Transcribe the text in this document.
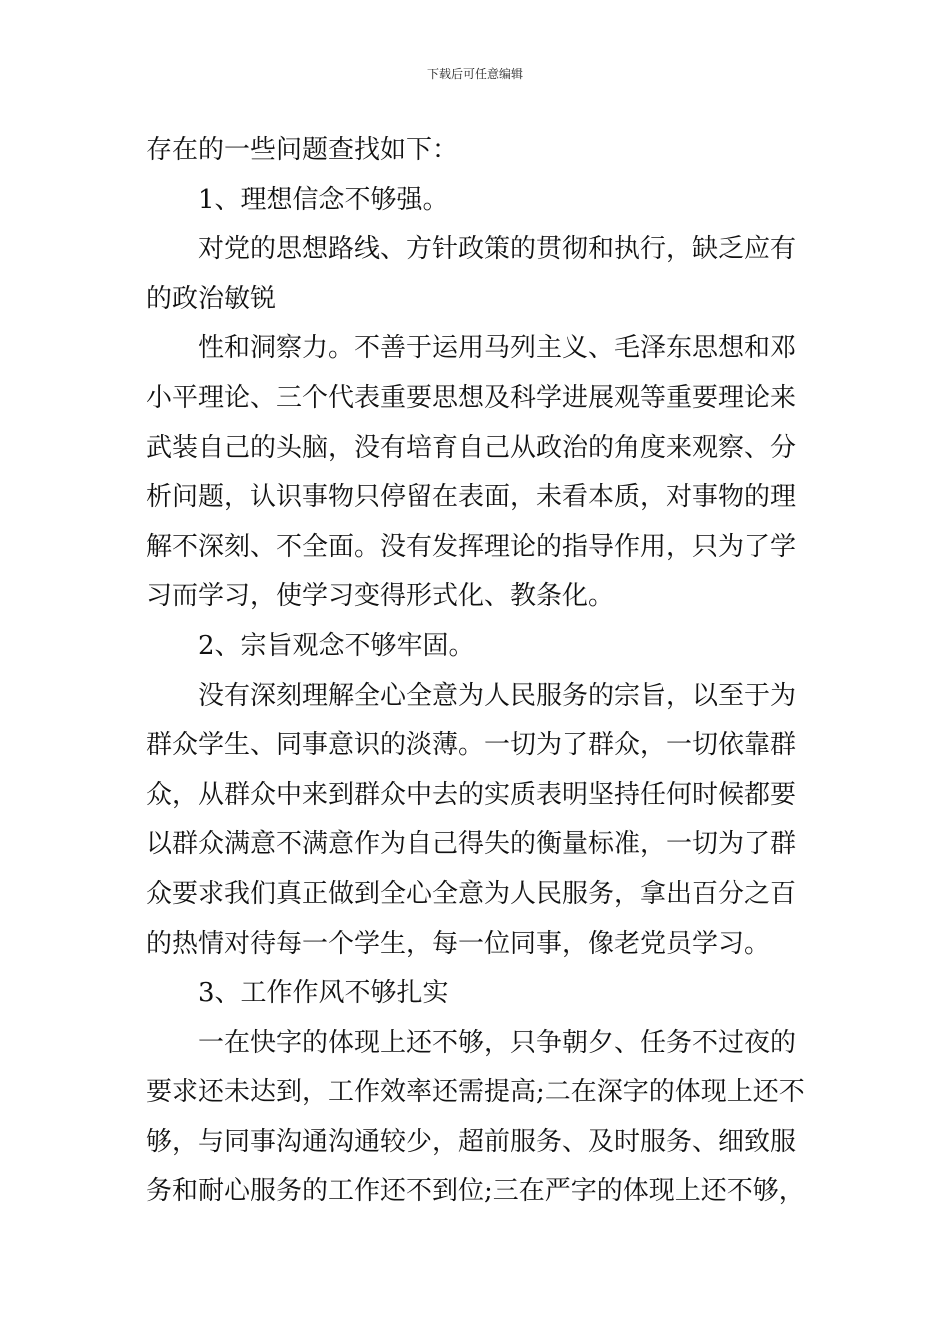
下载后可任意编辑
存在的一些问题查找如下：
1、理想信念不够强。
对党的思想路线、方针政策的贯彻和执行，缺乏应有
的政治敏锐
性和洞察力。不善于运用马列主义、毛泽东思想和邓
小平理论、三个代表重要思想及科学进展观等重要理论来
武装自己的头脑，没有培育自己从政治的角度来观察、分
析问题，认识事物只停留在表面，未看本质，对事物的理
解不深刻、不全面。没有发挥理论的指导作用，只为了学
习而学习，使学习变得形式化、教条化。
2、宗旨观念不够牢固。
没有深刻理解全心全意为人民服务的宗旨，以至于为
群众学生、同事意识的淡薄。一切为了群众，一切依靠群
众，从群众中来到群众中去的实质表明坚持任何时候都要
以群众满意不满意作为自己得失的衡量标准，一切为了群
众要求我们真正做到全心全意为人民服务，拿出百分之百
的热情对待每一个学生，每一位同事，像老党员学习。
3、工作作风不够扎实
一在快字的体现上还不够，只争朝夕、任务不过夜的
要求还未达到，工作效率还需提高;二在深字的体现上还不
够，与同事沟通沟通较少，超前服务、及时服务、细致服
务和耐心服务的工作还不到位;三在严字的体现上还不够，
